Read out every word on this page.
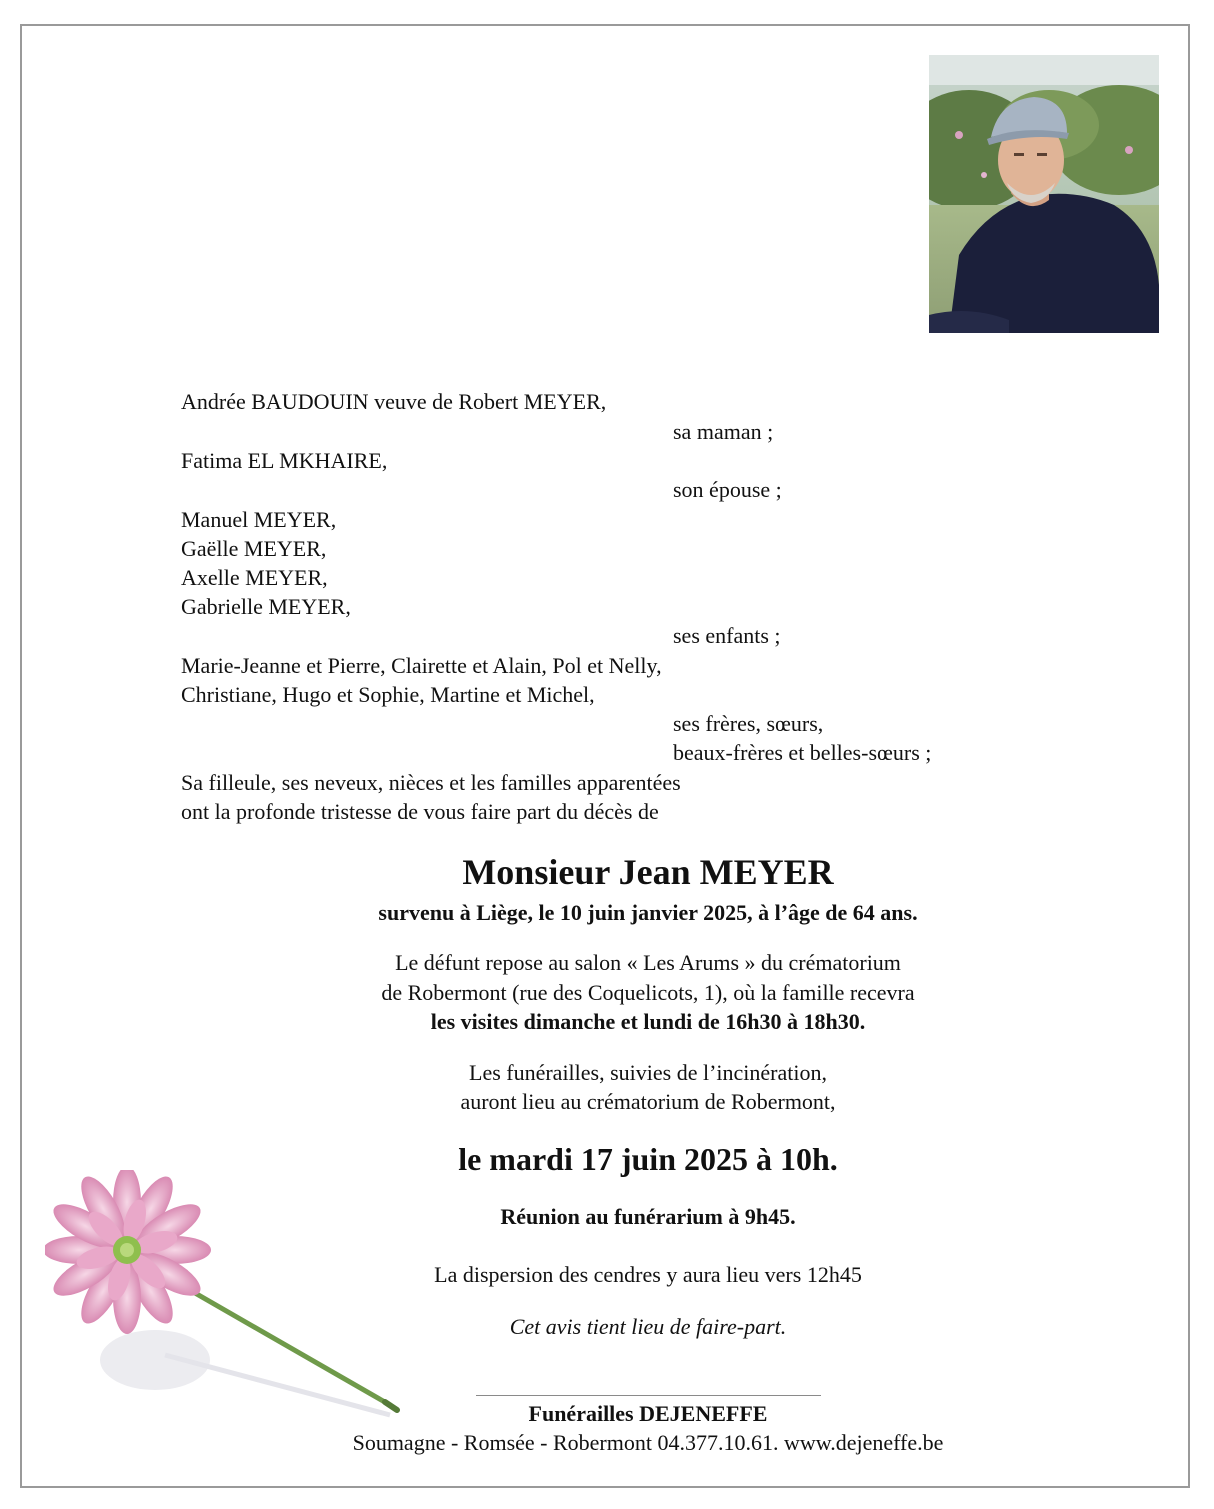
Andrée BAUDOUIN veuve de Robert MEYER,
sa maman ;
Fatima EL MKHAIRE,
son épouse ;
Manuel MEYER,
Gaëlle MEYER,
Axelle MEYER,
Gabrielle MEYER,
ses enfants ;
Marie-Jeanne et Pierre, Clairette et Alain, Pol et Nelly,
Christiane, Hugo et Sophie, Martine et Michel,
ses frères, sœurs,
beaux-frères et belles-sœurs ;
Sa filleule, ses neveux, nièces et les familles apparentées
ont la profonde tristesse de vous faire part du décès de
Monsieur Jean MEYER
survenu à Liège, le 10 juin janvier 2025, à l’âge de 64 ans.
Le défunt repose au salon « Les Arums » du crématorium
de Robermont (rue des Coquelicots, 1), où la famille recevra
les visites dimanche et lundi de 16h30 à 18h30.
Les funérailles, suivies de l’incinération,
auront lieu au crématorium de Robermont,
le mardi 17 juin 2025 à 10h.
Réunion au funérarium à 9h45.
La dispersion des cendres y aura lieu vers 12h45
Cet avis tient lieu de faire-part.
Funérailles DEJENEFFE
Soumagne - Romsée - Robermont 04.377.10.61. www.dejeneffe.be
